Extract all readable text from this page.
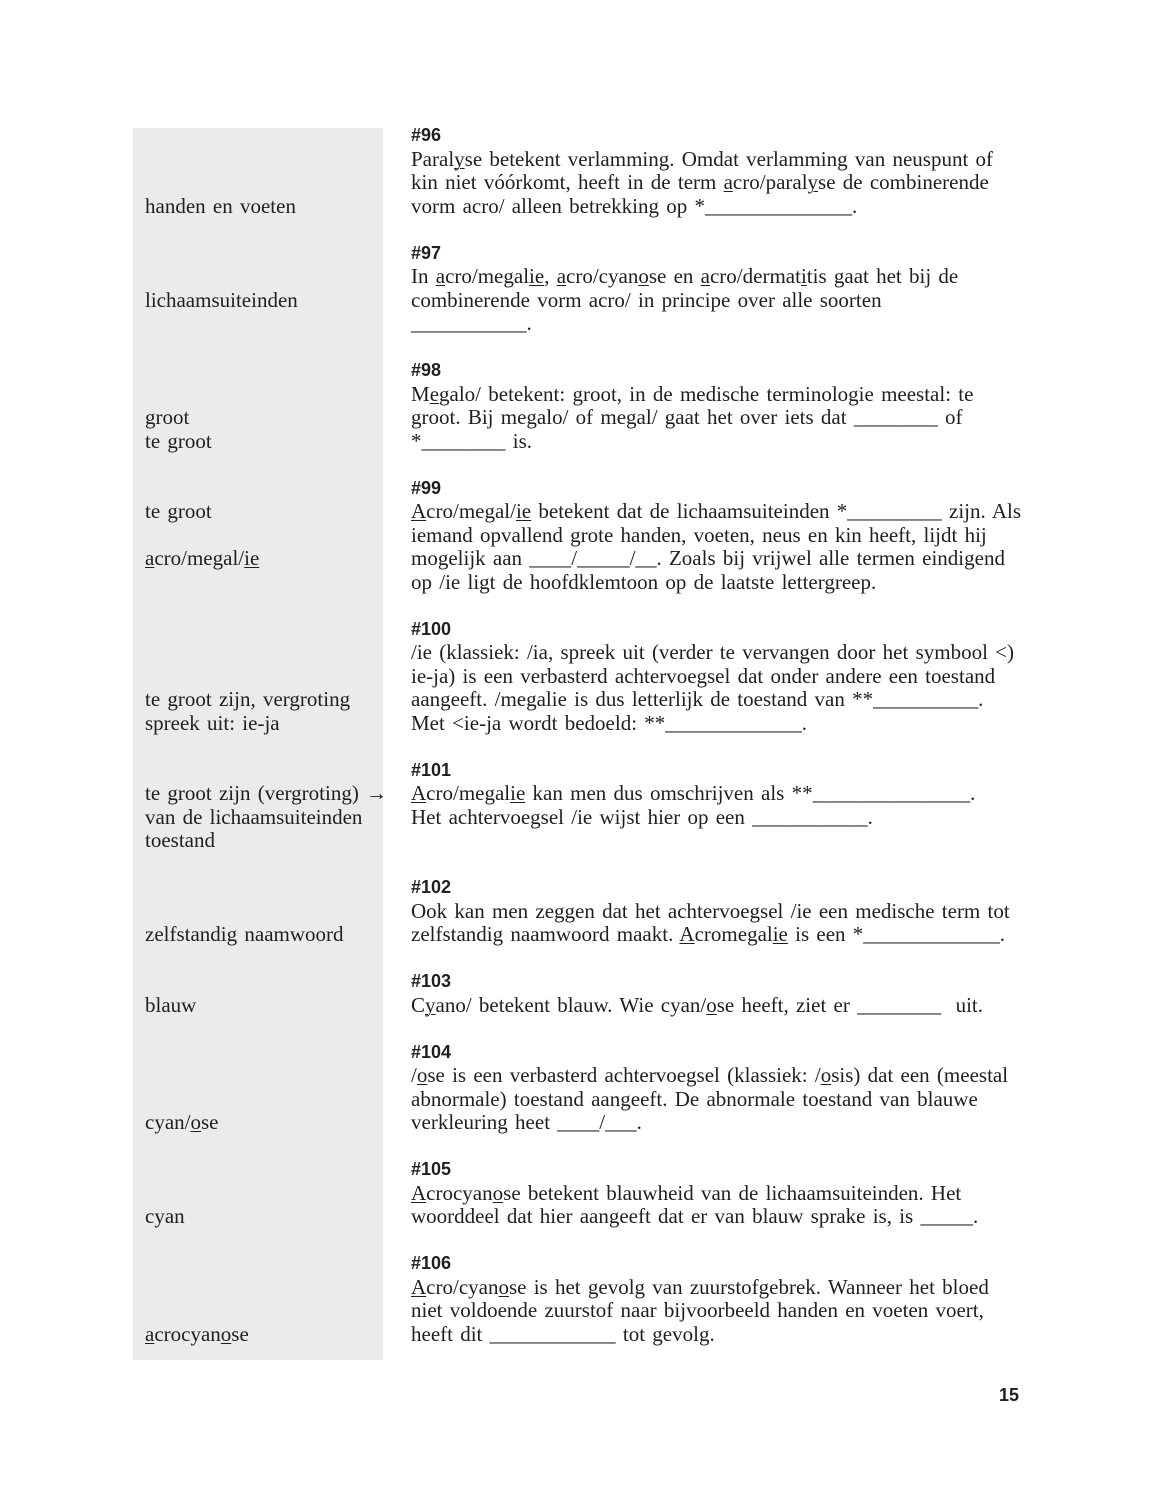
#96
Paralyse betekent verlamming. Omdat verlamming van neuspunt of
kin niet vóórkomt, heeft in de term acro/paralyse de combinerende
handen en voeten	vorm acro/ alleen betrekking op *______________.
#97
In acro/megalie, acro/cyanose en acro/dermatitis gaat het bij de
lichaamsuiteinden	combinerende vorm acro/ in principe over alle soorten
___________.
#98
Megalo/ betekent: groot, in de medische terminologie meestal: te
groot	groot. Bij megalo/ of megal/ gaat het over iets dat ________ of
te groot	*________ is.
#99
te groot	Acro/megal/ie betekent dat de lichaamsuiteinden *_________ zijn. Als
iemand opvallend grote handen, voeten, neus en kin heeft, lijdt hij
acro/megal/ie	mogelijk aan ____/_____/__. Zoals bij vrijwel alle termen eindigend
op /ie ligt de hoofdklemtoon op de laatste lettergreep.
#100
/ie (klassiek: /ia, spreek uit (verder te vervangen door het symbool <)
ie-ja) is een verbasterd achtervoegsel dat onder andere een toestand
te groot zijn, vergroting	aangeeft. /megalie is dus letterlijk de toestand van **__________.
spreek uit: ie-ja	Met <ie-ja wordt bedoeld: **_____________.
#101
te groot zijn (vergroting) →	Acro/megalie kan men dus omschrijven als **_______________.
van de lichaamsuiteinden	Het achtervoegsel /ie wijst hier op een ___________.
toestand
#102
Ook kan men zeggen dat het achtervoegsel /ie een medische term tot
zelfstandig naamwoord	zelfstandig naamwoord maakt. Acromegalie is een *_____________.
#103
blauw	Cyano/ betekent blauw. Wie cyan/ose heeft, ziet er ________  uit.
#104
/ose is een verbasterd achtervoegsel (klassiek: /osis) dat een (meestal
abnormale) toestand aangeeft. De abnormale toestand van blauwe
cyan/ose	verkleuring heet ____/___.
#105
Acrocyanose betekent blauwheid van de lichaamsuiteinden. Het
cyan	woorddeel dat hier aangeeft dat er van blauw sprake is, is _____.
#106
Acro/cyanose is het gevolg van zuurstofgebrek. Wanneer het bloed
niet voldoende zuurstof naar bijvoorbeeld handen en voeten voert,
acrocyanose	heeft dit ____________ tot gevolg.
15
